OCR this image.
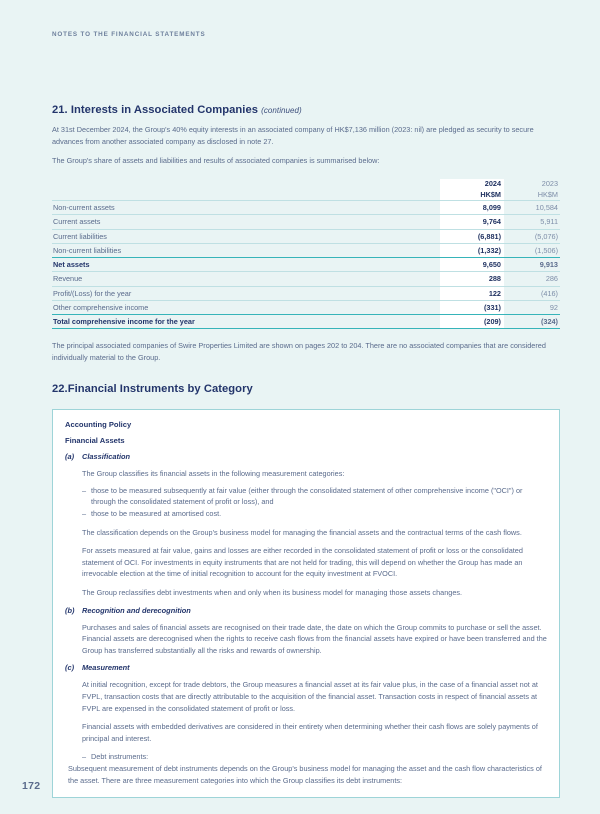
NOTES TO THE FINANCIAL STATEMENTS
21. Interests in Associated Companies (continued)

At 31st December 2024, the Group's 40% equity interests in an associated company of HK$7,136 million (2023: nil) are pledged as security to secure advances from another associated company as disclosed in note 27.

The Group's share of assets and liabilities and results of associated companies is summarised below:

	2024	2023
	HK$M	HK$M
Non-current assets	8,099	10,584
Current assets	9,764	5,911
Current liabilities	(6,881)	(5,076)
Non-current liabilities	(1,332)	(1,506)
Net assets	9,650	9,913
Revenue	288	286
Profit/(Loss) for the year	122	(416)
Other comprehensive income	(331)	92
Total comprehensive income for the year	(209)	(324)

The principal associated companies of Swire Properties Limited are shown on pages 202 to 204. There are no associated companies that are considered individually material to the Group.

22.Financial Instruments by Category
Accounting Policy
Financial Assets
(a)	Classification
The Group classifies its financial assets in the following measurement categories:
– those to be measured subsequently at fair value (either through the consolidated statement of other comprehensive income ("OCI") or through the consolidated statement of profit or loss), and
– those to be measured at amortised cost.
The classification depends on the Group's business model for managing the financial assets and the contractual terms of the cash flows.
For assets measured at fair value, gains and losses are either recorded in the consolidated statement of profit or loss or the consolidated statement of OCI. For investments in equity instruments that are not held for trading, this will depend on whether the Group has made an irrevocable election at the time of initial recognition to account for the equity investment at FVOCI.
The Group reclassifies debt investments when and only when its business model for managing those assets changes.
(b)	Recognition and derecognition
Purchases and sales of financial assets are recognised on their trade date, the date on which the Group commits to purchase or sell the asset. Financial assets are derecognised when the rights to receive cash flows from the financial assets have expired or have been transferred and the Group has transferred substantially all the risks and rewards of ownership.
(c)	Measurement
At initial recognition, except for trade debtors, the Group measures a financial asset at its fair value plus, in the case of a financial asset not at FVPL, transaction costs that are directly attributable to the acquisition of the financial asset. Transaction costs in respect of financial assets at FVPL are expensed in the consolidated statement of profit or loss.
Financial assets with embedded derivatives are considered in their entirety when determining whether their cash flows are solely payments of principal and interest.
– Debt instruments:
Subsequent measurement of debt instruments depends on the Group's business model for managing the asset and the cash flow characteristics of the asset. There are three measurement categories into which the Group classifies its debt instruments:
172
